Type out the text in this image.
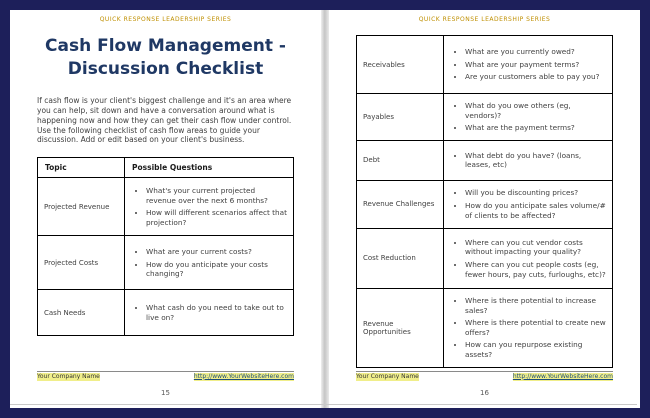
QUICK RESPONSE LEADERSHIP SERIES
Cash Flow Management - Discussion Checklist

If cash flow is your client's biggest challenge and it's an area where you can help, sit down and have a conversation around what is happening now and how they can get their cash flow under control. Use the following checklist of cash flow areas to guide your discussion. Add or edit based on your client's business.

Topic	Possible Questions
Projected Revenue	
• What's your current projected revenue over the next 6 months?
• How will different scenarios affect that projection?

Projected Costs	
• What are your current costs?
• How do you anticipate your costs changing?

Cash Needs	
• What cash do you need to take out to live on?
Your Company Name	http://www.YourWebsiteHere.com
15
QUICK RESPONSE LEADERSHIP SERIES
Receivables	
• What are you currently owed?
• What are your payment terms?
• Are your customers able to pay you?

Payables	
• What do you owe others (eg, vendors)?
• What are the payment terms?

Debt	
• What debt do you have? (loans, leases, etc)

Revenue Challenges	
• Will you be discounting prices?
• How do you anticipate sales volume/# of clients to be affected?

Cost Reduction	
• Where can you cut vendor costs without impacting your quality?
• Where can you cut people costs (eg, fewer hours, pay cuts, furloughs, etc)?

Revenue Opportunities	
• Where is there potential to increase sales?
• Where is there potential to create new offers?
• How can you repurpose existing assets?
Your Company Name	http://www.YourWebsiteHere.com
16
